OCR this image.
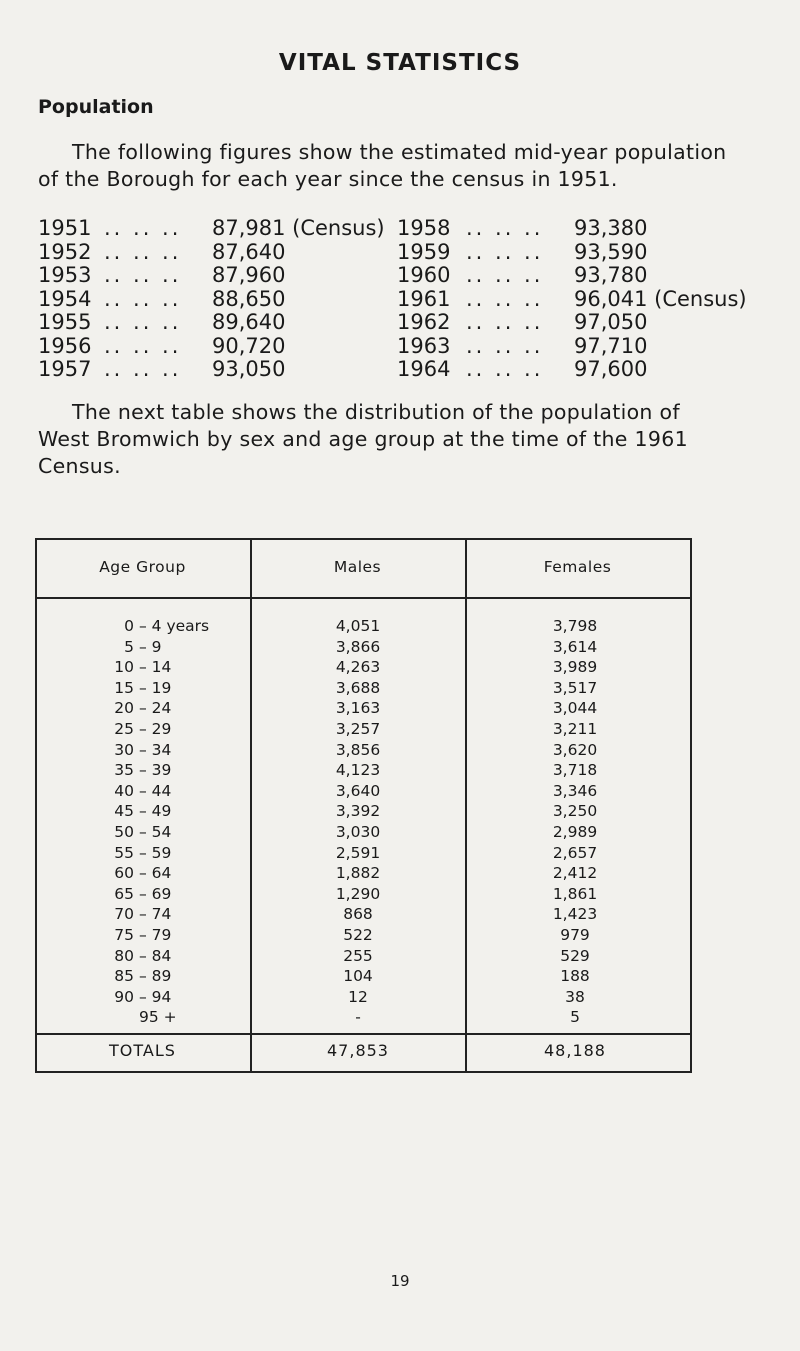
VITAL STATISTICS
Population
The following figures show the estimated mid-year population
of the Borough for each year since the census in 1951.
1951 .. .. .. 87,981 (Census) 1958 .. .. .. 93,380
1952 .. .. .. 87,640	1959 .. .. .. 93,590
1953 .. .. .. 87,960	1960 .. .. .. 93,780
1954 .. .. .. 88,650	1961 .. .. .. 96,041 (Census)
1955 .. .. .. 89,640	1962 .. .. .. 97,050
1956 .. .. .. 90,720	1963 .. .. .. 97,710
1957 .. .. .. 93,050	1964 .. .. .. 97,600
The next table shows the distribution of the population of
West Bromwich by sex and age group at the time of the 1961
Census.
Age Group	Males	Females
0 – 4 years	4,051	3,798
5 – 9	3,866	3,614
10 – 14	4,263	3,989
15 – 19	3,688	3,517
20 – 24	3,163	3,044
25 – 29	3,257	3,211
30 – 34	3,856	3,620
35 – 39	4,123	3,718
40 – 44	3,640	3,346
45 – 49	3,392	3,250
50 – 54	3,030	2,989
55 – 59	2,591	2,657
60 – 64	1,882	2,412
65 – 69	1,290	1,861
70 – 74	868	1,423
75 – 79	522	979
80 – 84	255	529
85 – 89	104	188
90 – 94	12	38
95 +	-	5
TOTALS	47,853	48,188
19
